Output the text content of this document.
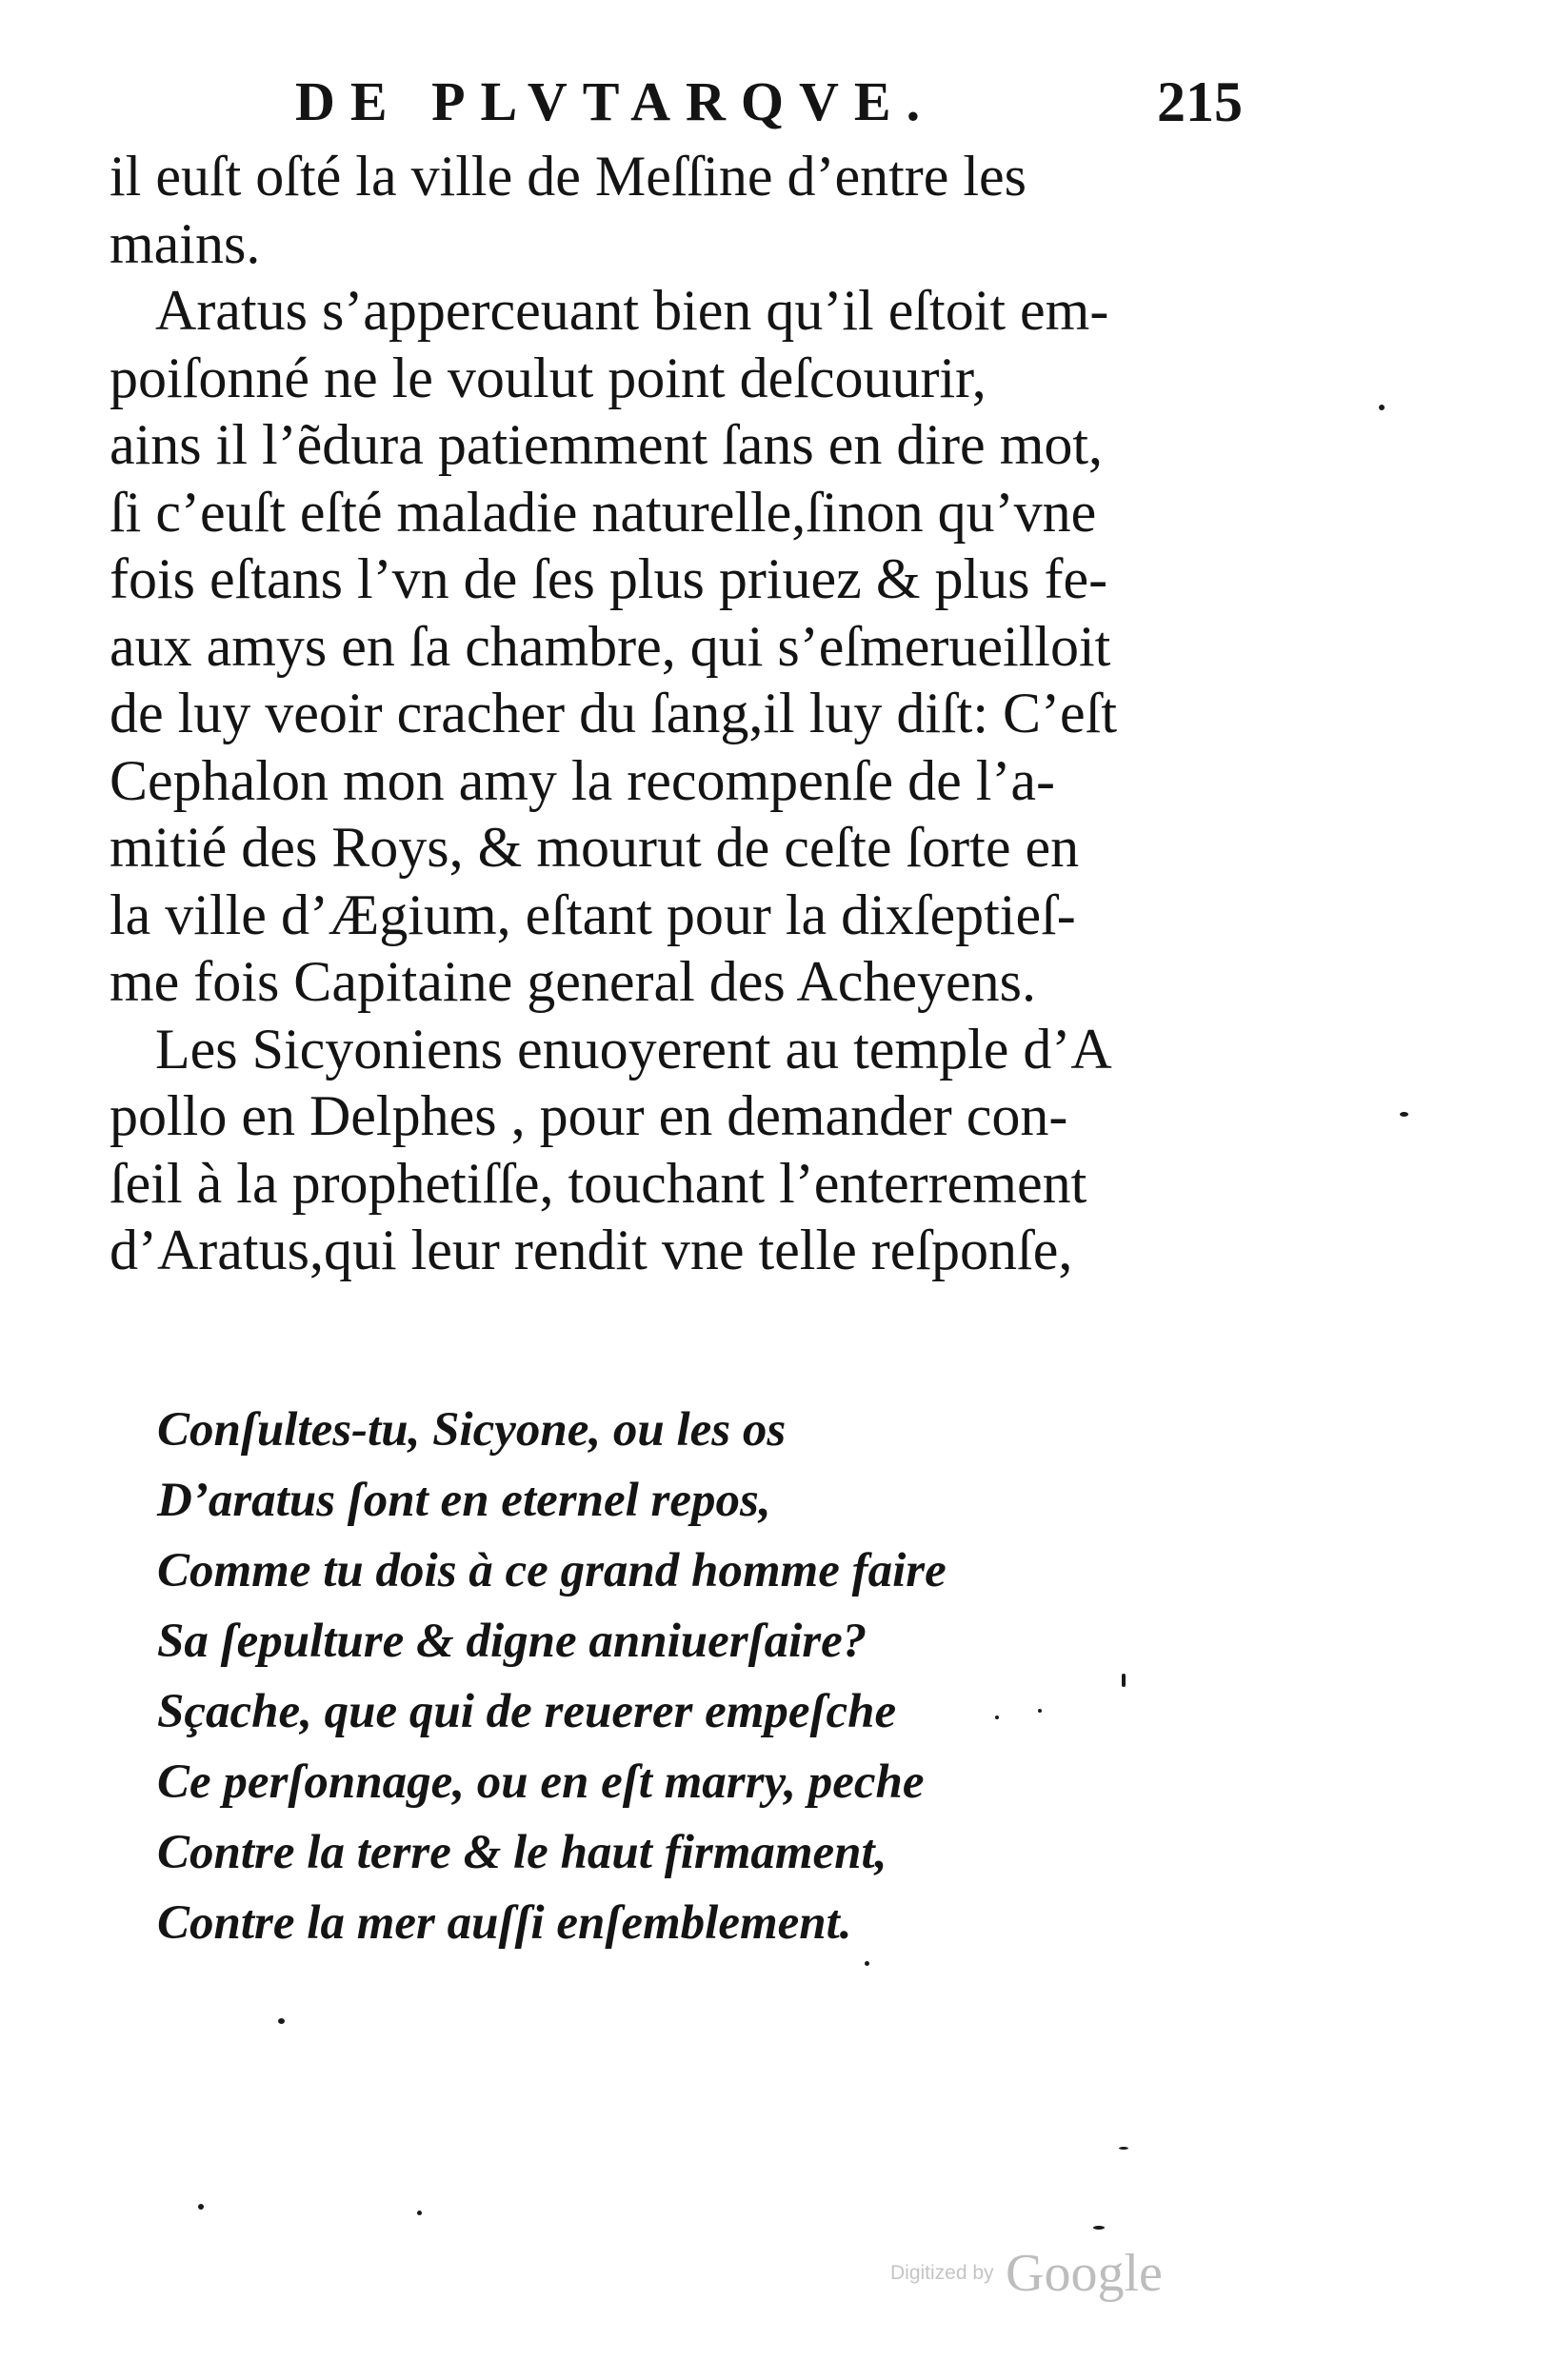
DE PLVTARQVE.	215
il euſt oſté la ville de Meſſine d’entre les
mains.
Aratus s’apperceuant bien qu’il eſtoit em-
poiſonné ne le voulut point deſcouurir,
ains il l’ẽdura patiemment ſans en dire mot,
ſi c’euſt eſté maladie naturelle,ſinon qu’vne
fois eſtans l’vn de ſes plus priuez & plus fe-
aux amys en ſa chambre, qui s’eſmerueilloit
de luy veoir cracher du ſang,il luy diſt: C’eſt
Cephalon mon amy la recompenſe de l’a-
mitié des Roys, & mourut de ceſte ſorte en
la ville d’Ægium, eſtant pour la dixſeptieſ-
me fois Capitaine general des Acheyens.
Les Sicyoniens enuoyerent au temple d’A
pollo en Delphes , pour en demander con-
ſeil à la prophetiſſe, touchant l’enterrement
d’Aratus,qui leur rendit vne telle reſponſe,
Conſultes-tu, Sicyone, ou les os
D’aratus ſont en eternel repos,
Comme tu dois à ce grand homme faire
Sa ſepulture & digne anniuerſaire?
Sçache, que qui de reuerer empeſche
Ce perſonnage, ou en eſt marry, peche
Contre la terre & le haut firmament,
Contre la mer auſſi enſemblement.
Digitized by Google
